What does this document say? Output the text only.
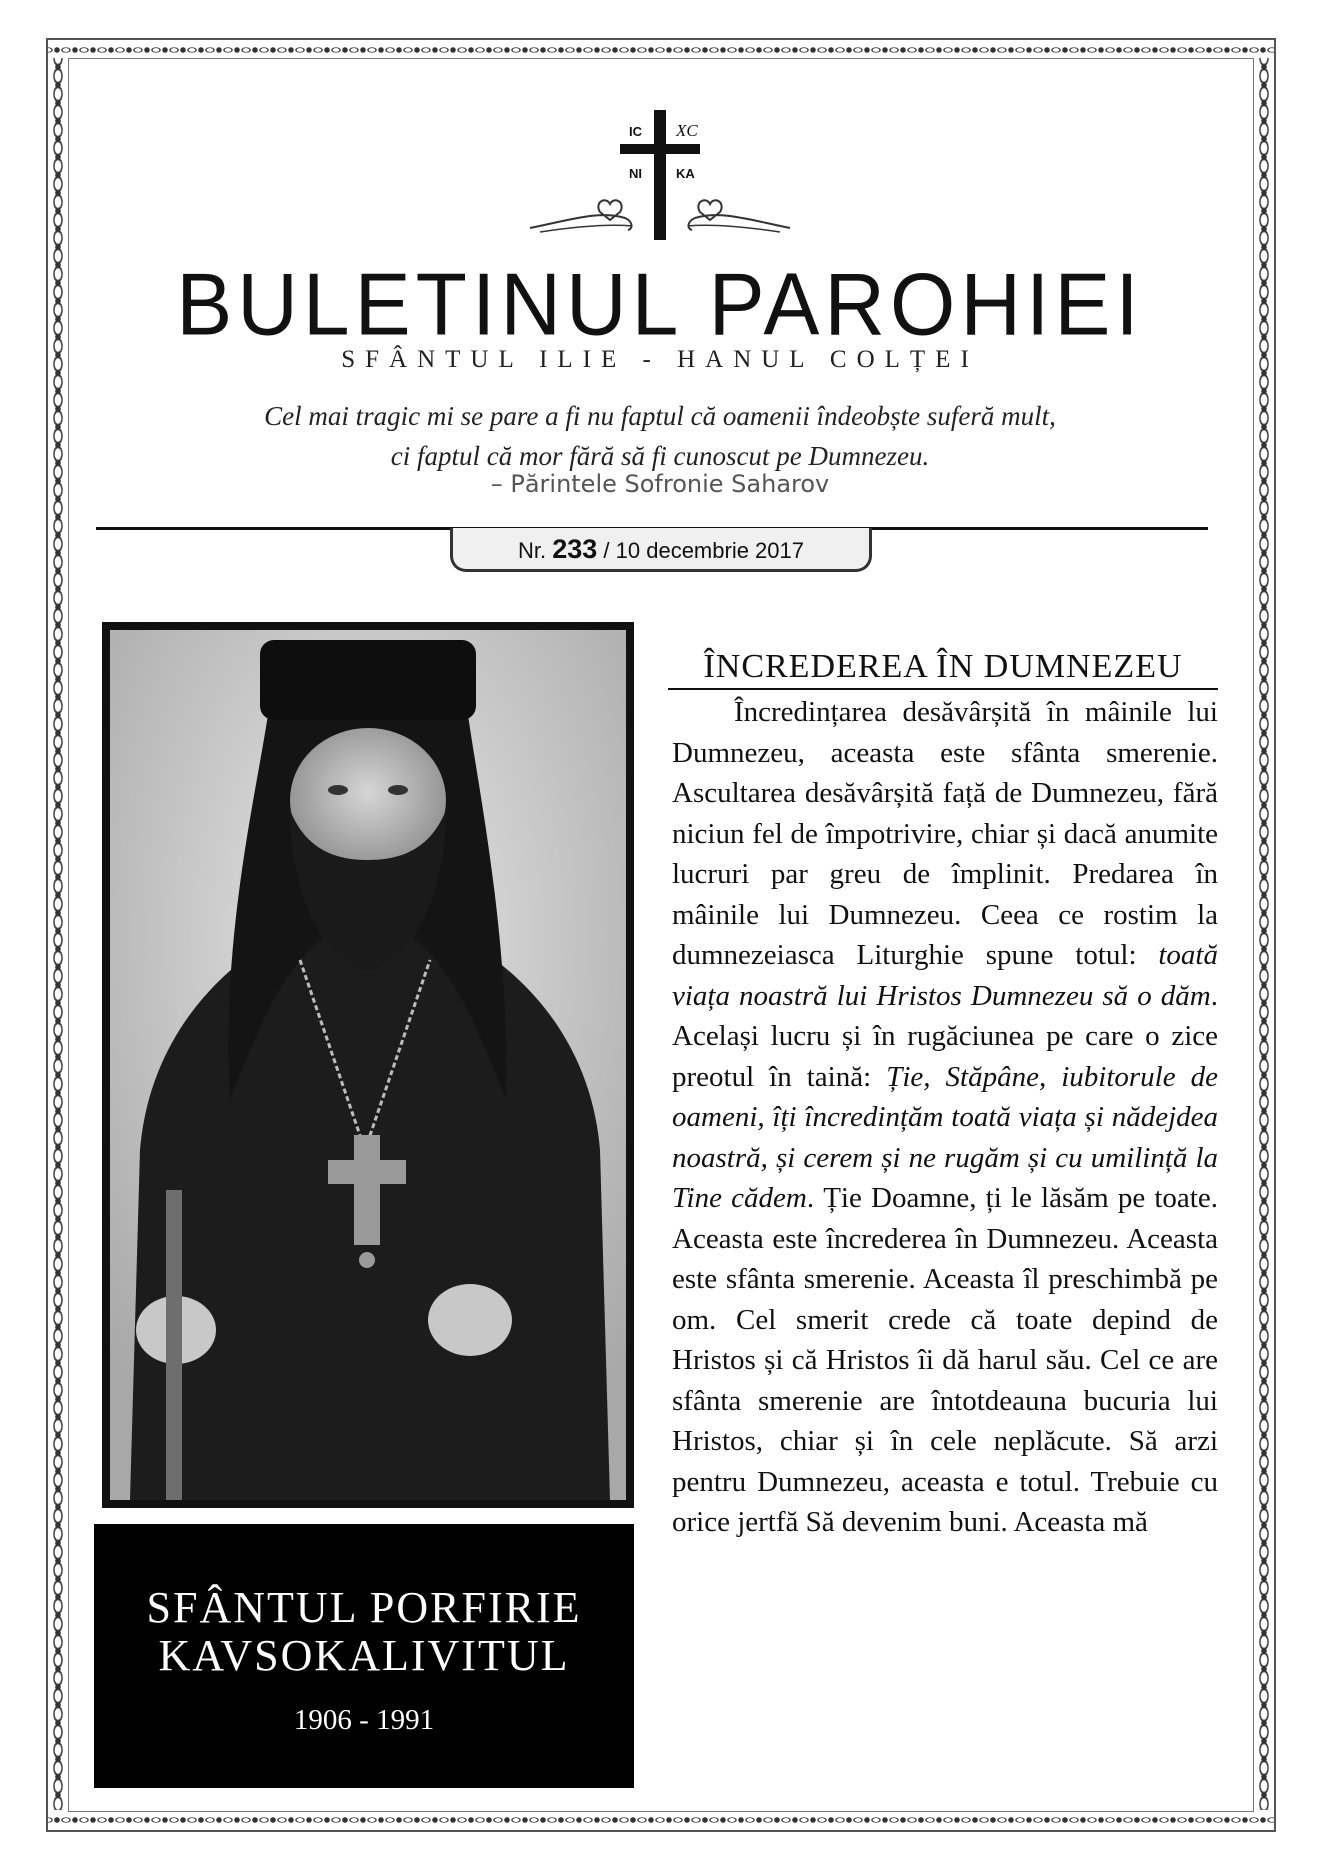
IC XC
NI	KA
BULETINUL PAROHIEI
SFÂNTUL ILIE - HANUL COLȚEI
Cel mai tragic mi se pare a fi nu faptul că oamenii îndeobște suferă mult,
ci faptul că mor fără să fi cunoscut pe Dumnezeu.
– Părintele Sofronie Saharov
Nr. 233 / 10 decembrie 2017
SFÂNTUL PORFIRIE
KAVSOKALIVITUL
1906 - 1991
ÎNCREDEREA ÎN DUMNEZEU

Încredințarea desăvârșită în mâinile lui Dumnezeu, aceasta este sfânta smerenie. Ascultarea desăvârșită față de Dumnezeu, fără niciun fel de împotrivire, chiar și dacă anumite lucruri par greu de împlinit. Predarea în mâinile lui Dumnezeu. Ceea ce rostim la dumnezeiasca Liturghie spune totul: toată viața noastră lui Hristos Dumnezeu să o dăm. Același lucru și în rugăciunea pe care o zice preotul în taină: Ție, Stăpâne, iubitorule de oameni, îți încredințăm toată viața și nădejdea noastră, și cerem și ne rugăm și cu umilință la Tine cădem. Ție Doamne, ți le lăsăm pe toate. Aceasta este încrederea în Dumnezeu. Aceasta este sfânta smerenie. Aceasta îl preschimbă pe om. Cel smerit crede că toate depind de Hristos și că Hristos îi dă harul său. Cel ce are sfânta smerenie are întotdeauna bucuria lui Hristos, chiar și în cele neplăcute. Să arzi pentru Dumnezeu, aceasta e totul. Trebuie cu orice jertfă Să devenim buni. Aceasta mă
